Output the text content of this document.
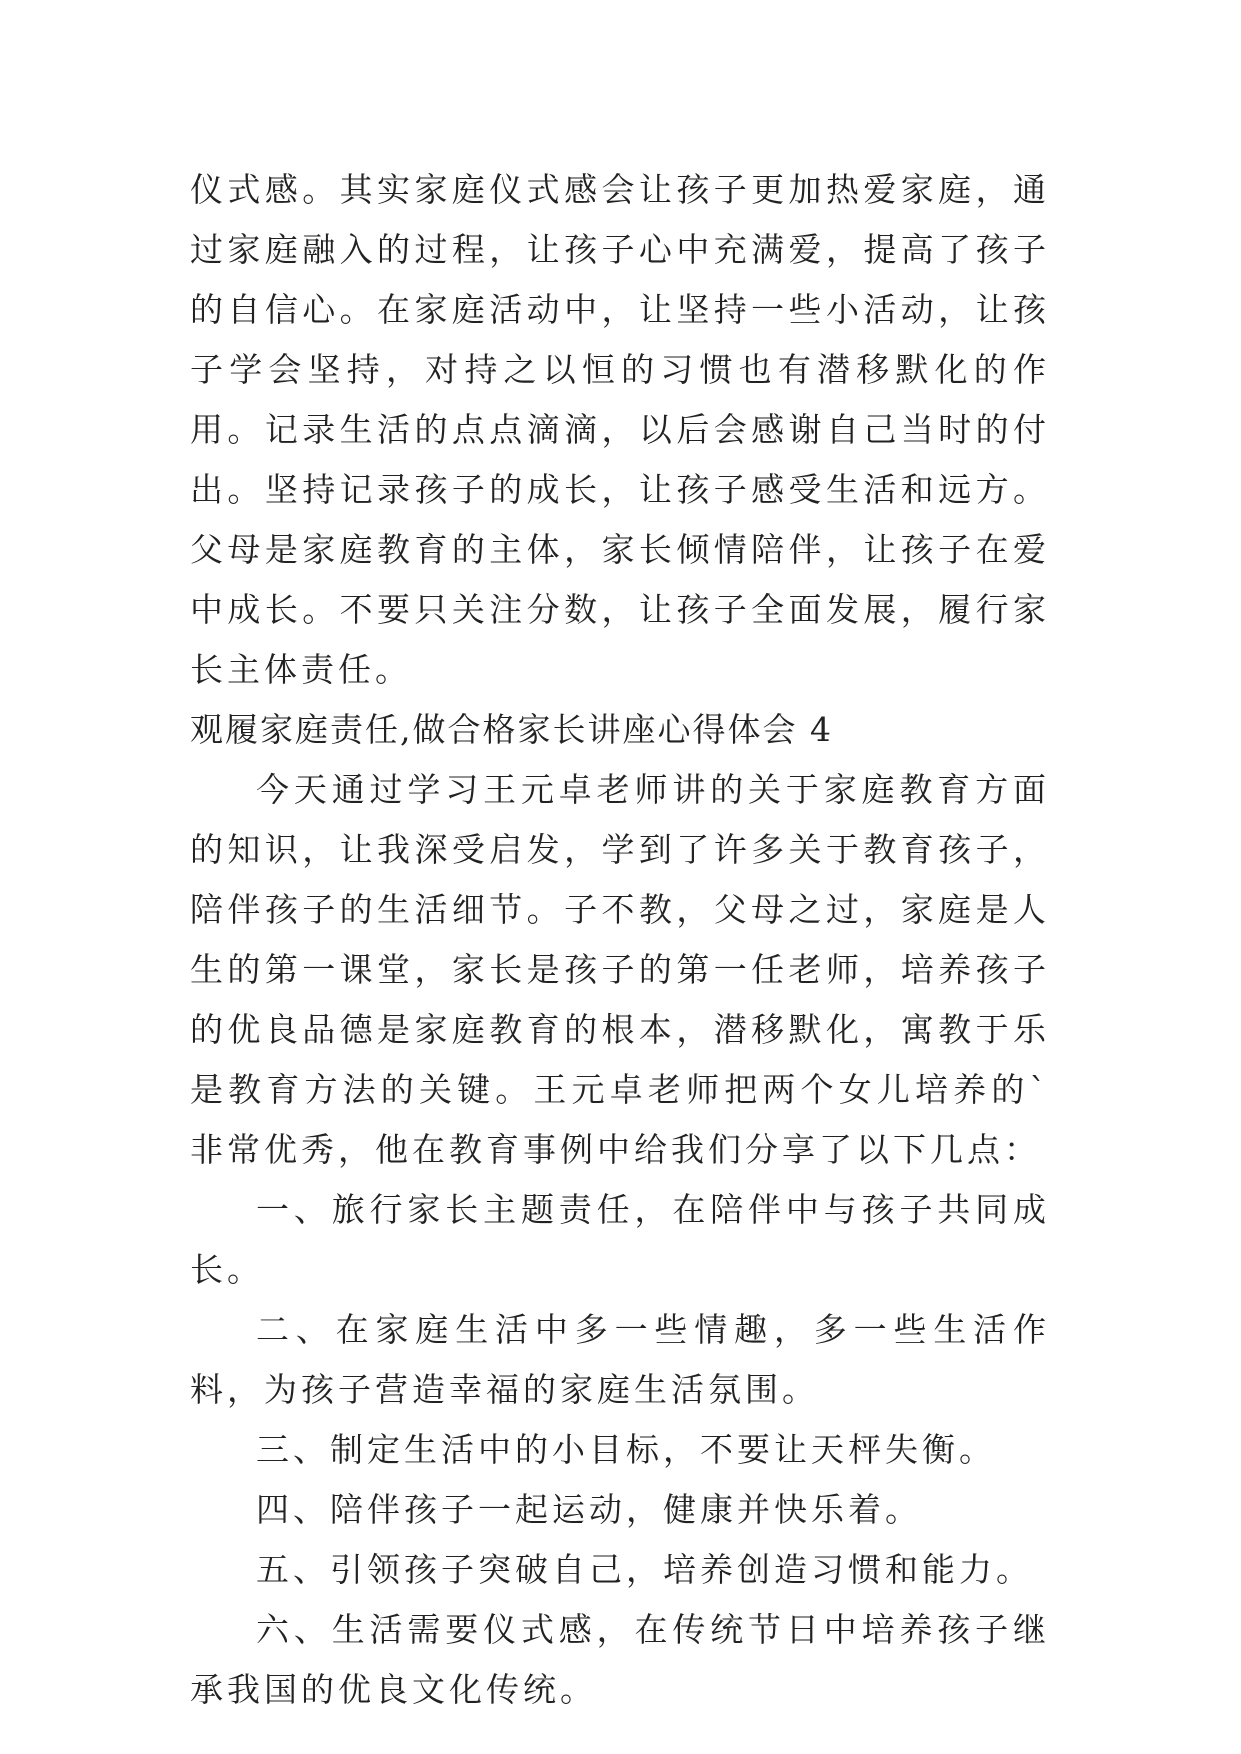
仪式感。其实家庭仪式感会让孩子更加热爱家庭，通过家庭融入的过程，让孩子心中充满爱，提高了孩子的自信心。在家庭活动中，让坚持一些小活动，让孩子学会坚持，对持之以恒的习惯也有潜移默化的作用。记录生活的点点滴滴，以后会感谢自己当时的付出。坚持记录孩子的成长，让孩子感受生活和远方。父母是家庭教育的主体，家长倾情陪伴，让孩子在爱中成长。不要只关注分数，让孩子全面发展，履行家长主体责任。

观履家庭责任,做合格家长讲座心得体会 4

今天通过学习王元卓老师讲的关于家庭教育方面的知识，让我深受启发，学到了许多关于教育孩子，陪伴孩子的生活细节。子不教，父母之过，家庭是人生的第一课堂，家长是孩子的第一任老师，培养孩子的优良品德是家庭教育的根本，潜移默化，寓教于乐是教育方法的关键。王元卓老师把两个女儿培养的`非常优秀，他在教育事例中给我们分享了以下几点：

一、旅行家长主题责任，在陪伴中与孩子共同成长。

二、在家庭生活中多一些情趣，多一些生活作料，为孩子营造幸福的家庭生活氛围。

三、制定生活中的小目标，不要让天枰失衡。

四、陪伴孩子一起运动，健康并快乐着。

五、引领孩子突破自己，培养创造习惯和能力。

六、生活需要仪式感，在传统节日中培养孩子继承我国的优良文化传统。
